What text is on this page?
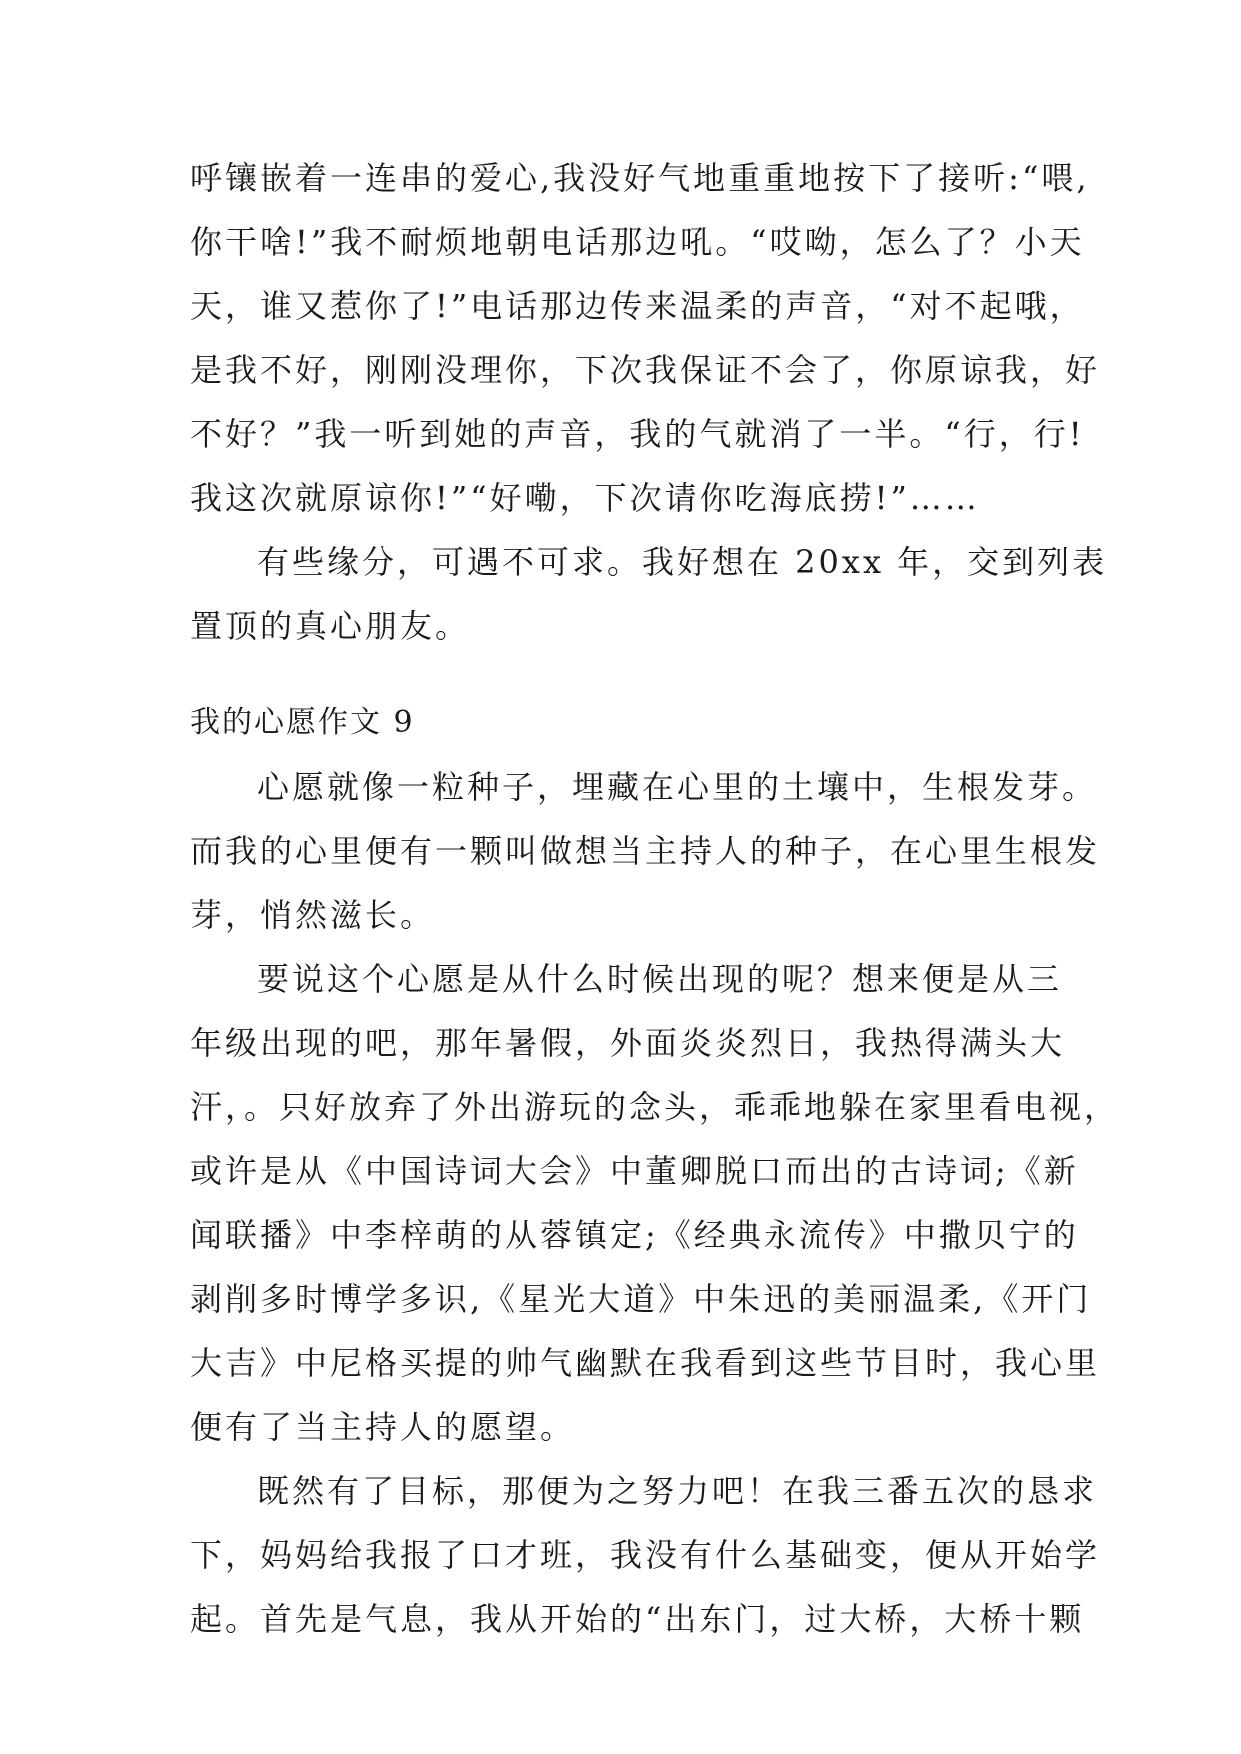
呼镶嵌着一连串的爱心,我没好气地重重地按下了接听:“喂,
你干啥!”我不耐烦地朝电话那边吼。“哎呦，怎么了？小天
天，谁又惹你了!”电话那边传来温柔的声音，“对不起哦，
是我不好，刚刚没理你，下次我保证不会了，你原谅我，好
不好？”我一听到她的声音，我的气就消了一半。“行，行!
我这次就原谅你!”“好嘞，下次请你吃海底捞!”……
有些缘分，可遇不可求。我好想在 20xx 年，交到列表
置顶的真心朋友。
我的心愿作文 9
心愿就像一粒种子，埋藏在心里的土壤中，生根发芽。
而我的心里便有一颗叫做想当主持人的种子，在心里生根发
芽，悄然滋长。
要说这个心愿是从什么时候出现的呢？想来便是从三
年级出现的吧，那年暑假，外面炎炎烈日，我热得满头大
汗，。只好放弃了外出游玩的念头，乖乖地躲在家里看电视，
或许是从《中国诗词大会》中董卿脱口而出的古诗词;《新
闻联播》中李梓萌的从蓉镇定;《经典永流传》中撒贝宁的
剥削多时博学多识,《星光大道》中朱迅的美丽温柔,《开门
大吉》中尼格买提的帅气幽默在我看到这些节目时，我心里
便有了当主持人的愿望。
既然有了目标，那便为之努力吧！在我三番五次的恳求
下，妈妈给我报了口才班，我没有什么基础变，便从开始学
起。首先是气息，我从开始的“出东门，过大桥，大桥十颗
